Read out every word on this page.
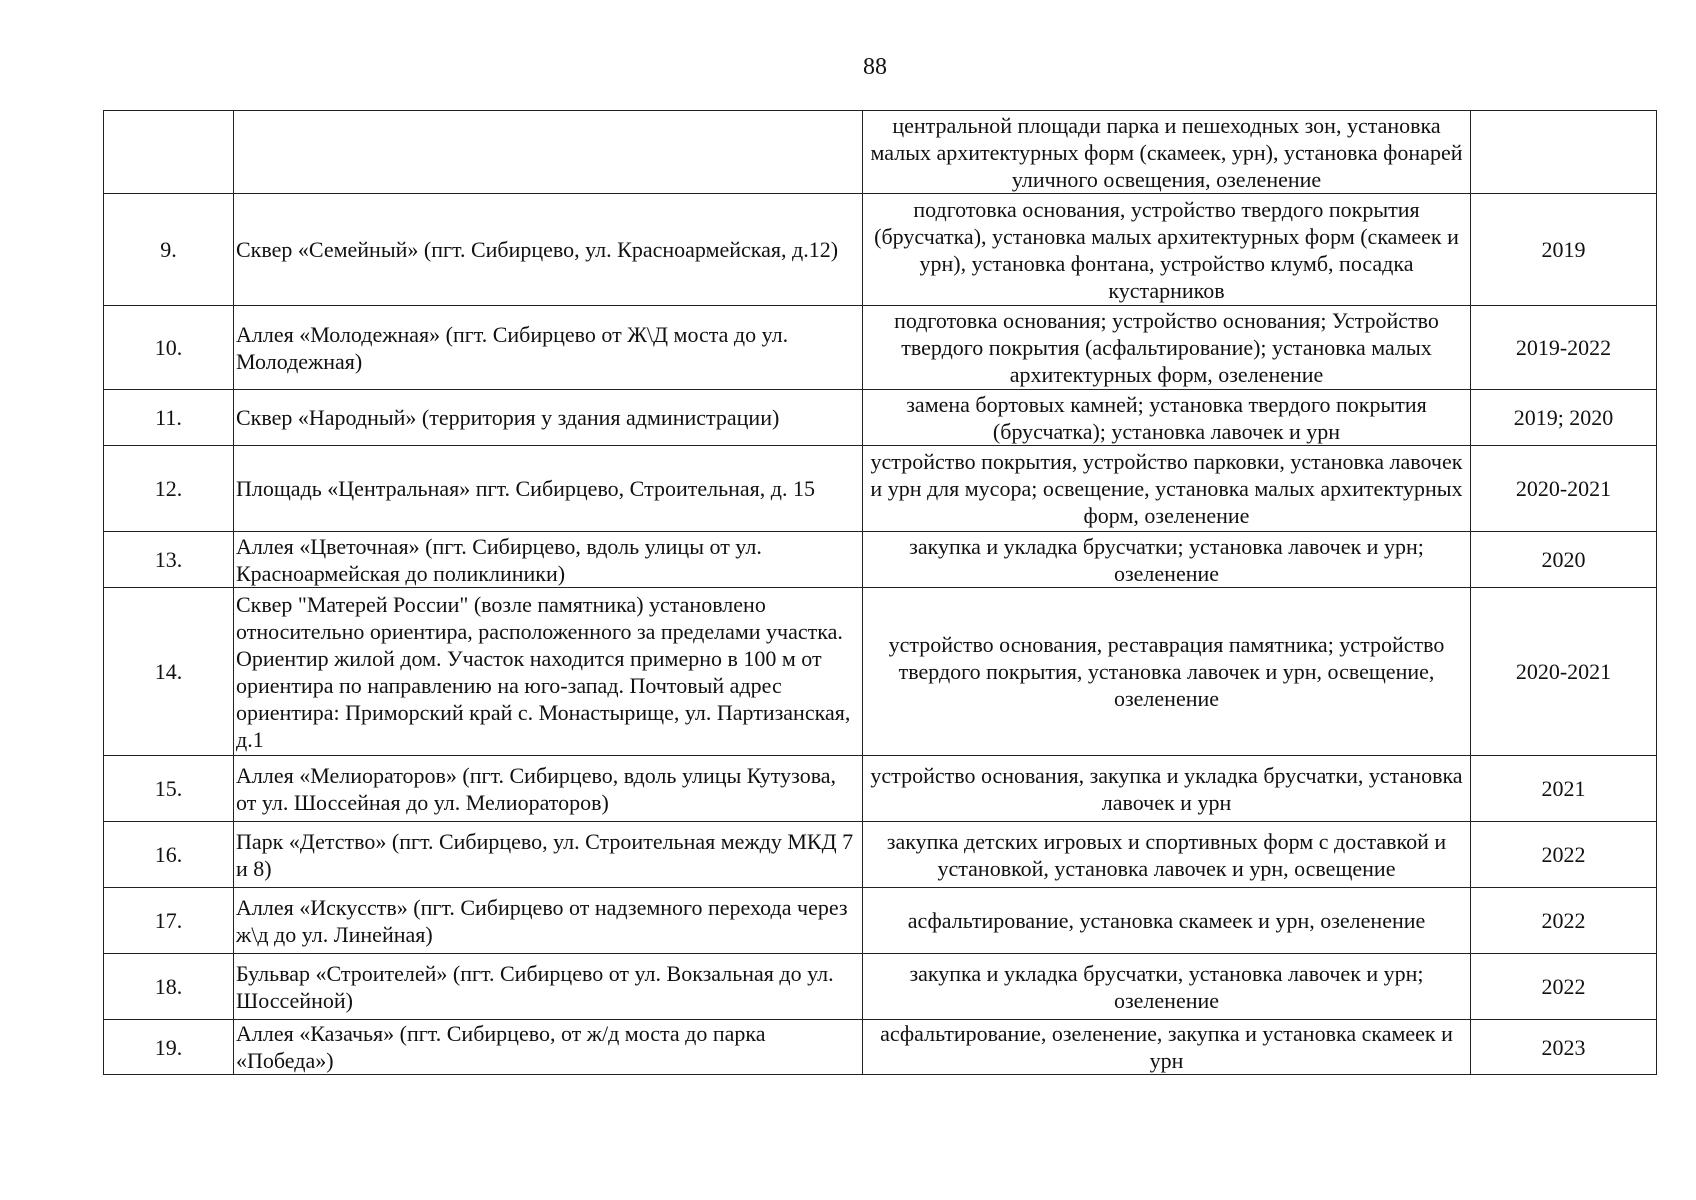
88
		центральной площади парка и пешеходных зон, установка малых архитектурных форм (скамеек, урн), установка фонарей уличного освещения, озеленение	
9.	Сквер «Семейный» (пгт. Сибирцево, ул. Красноармейская, д.12)	подготовка основания, устройство твердого покрытия (брусчатка), установка малых архитектурных форм (скамеек и урн), установка фонтана, устройство клумб, посадка кустарников	2019
10.	Аллея «Молодежная» (пгт. Сибирцево от Ж\Д моста до ул. Молодежная)	подготовка основания; устройство основания; Устройство твердого покрытия (асфальтирование); установка малых архитектурных форм, озеленение	2019-2022
11.	Сквер «Народный» (территория у здания администрации)	замена бортовых камней; установка твердого покрытия (брусчатка); установка лавочек и урн	2019; 2020
12.	Площадь «Центральная» пгт. Сибирцево, Строительная, д. 15	устройство покрытия, устройство парковки, установка лавочек и урн для мусора; освещение, установка малых архитектурных форм, озеленение	2020-2021
13.	Аллея «Цветочная» (пгт. Сибирцево, вдоль улицы от ул. Красноармейская до поликлиники)	закупка и укладка брусчатки; установка лавочек и урн; озеленение	2020
14.	Сквер "Матерей России" (возле памятника) установлено относительно ориентира, расположенного за пределами участка. Ориентир жилой дом. Участок находится примерно в 100 м от ориентира по направлению на юго-запад. Почтовый адрес ориентира: Приморский край с. Монастырище, ул. Партизанская, д.1	устройство основания, реставрация памятника; устройство твердого покрытия, установка лавочек и урн, освещение, озеленение	2020-2021
15.	Аллея «Мелиораторов» (пгт. Сибирцево, вдоль улицы Кутузова, от ул. Шоссейная до ул. Мелиораторов)	устройство основания, закупка и укладка брусчатки, установка лавочек и урн	2021
16.	Парк «Детство» (пгт. Сибирцево, ул. Строительная между МКД 7 и 8)	закупка детских игровых и спортивных форм с доставкой и установкой, установка лавочек и урн, освещение	2022
17.	Аллея «Искусств» (пгт. Сибирцево от надземного перехода через ж\д до ул. Линейная)	асфальтирование, установка скамеек и урн, озеленение	2022
18.	Бульвар «Строителей» (пгт. Сибирцево от ул. Вокзальная до ул. Шоссейной)	закупка и укладка брусчатки, установка лавочек и урн; озеленение	2022
19.	Аллея «Казачья» (пгт. Сибирцево, от ж/д моста до парка «Победа»)	асфальтирование, озеленение, закупка и установка скамеек и урн	2023
